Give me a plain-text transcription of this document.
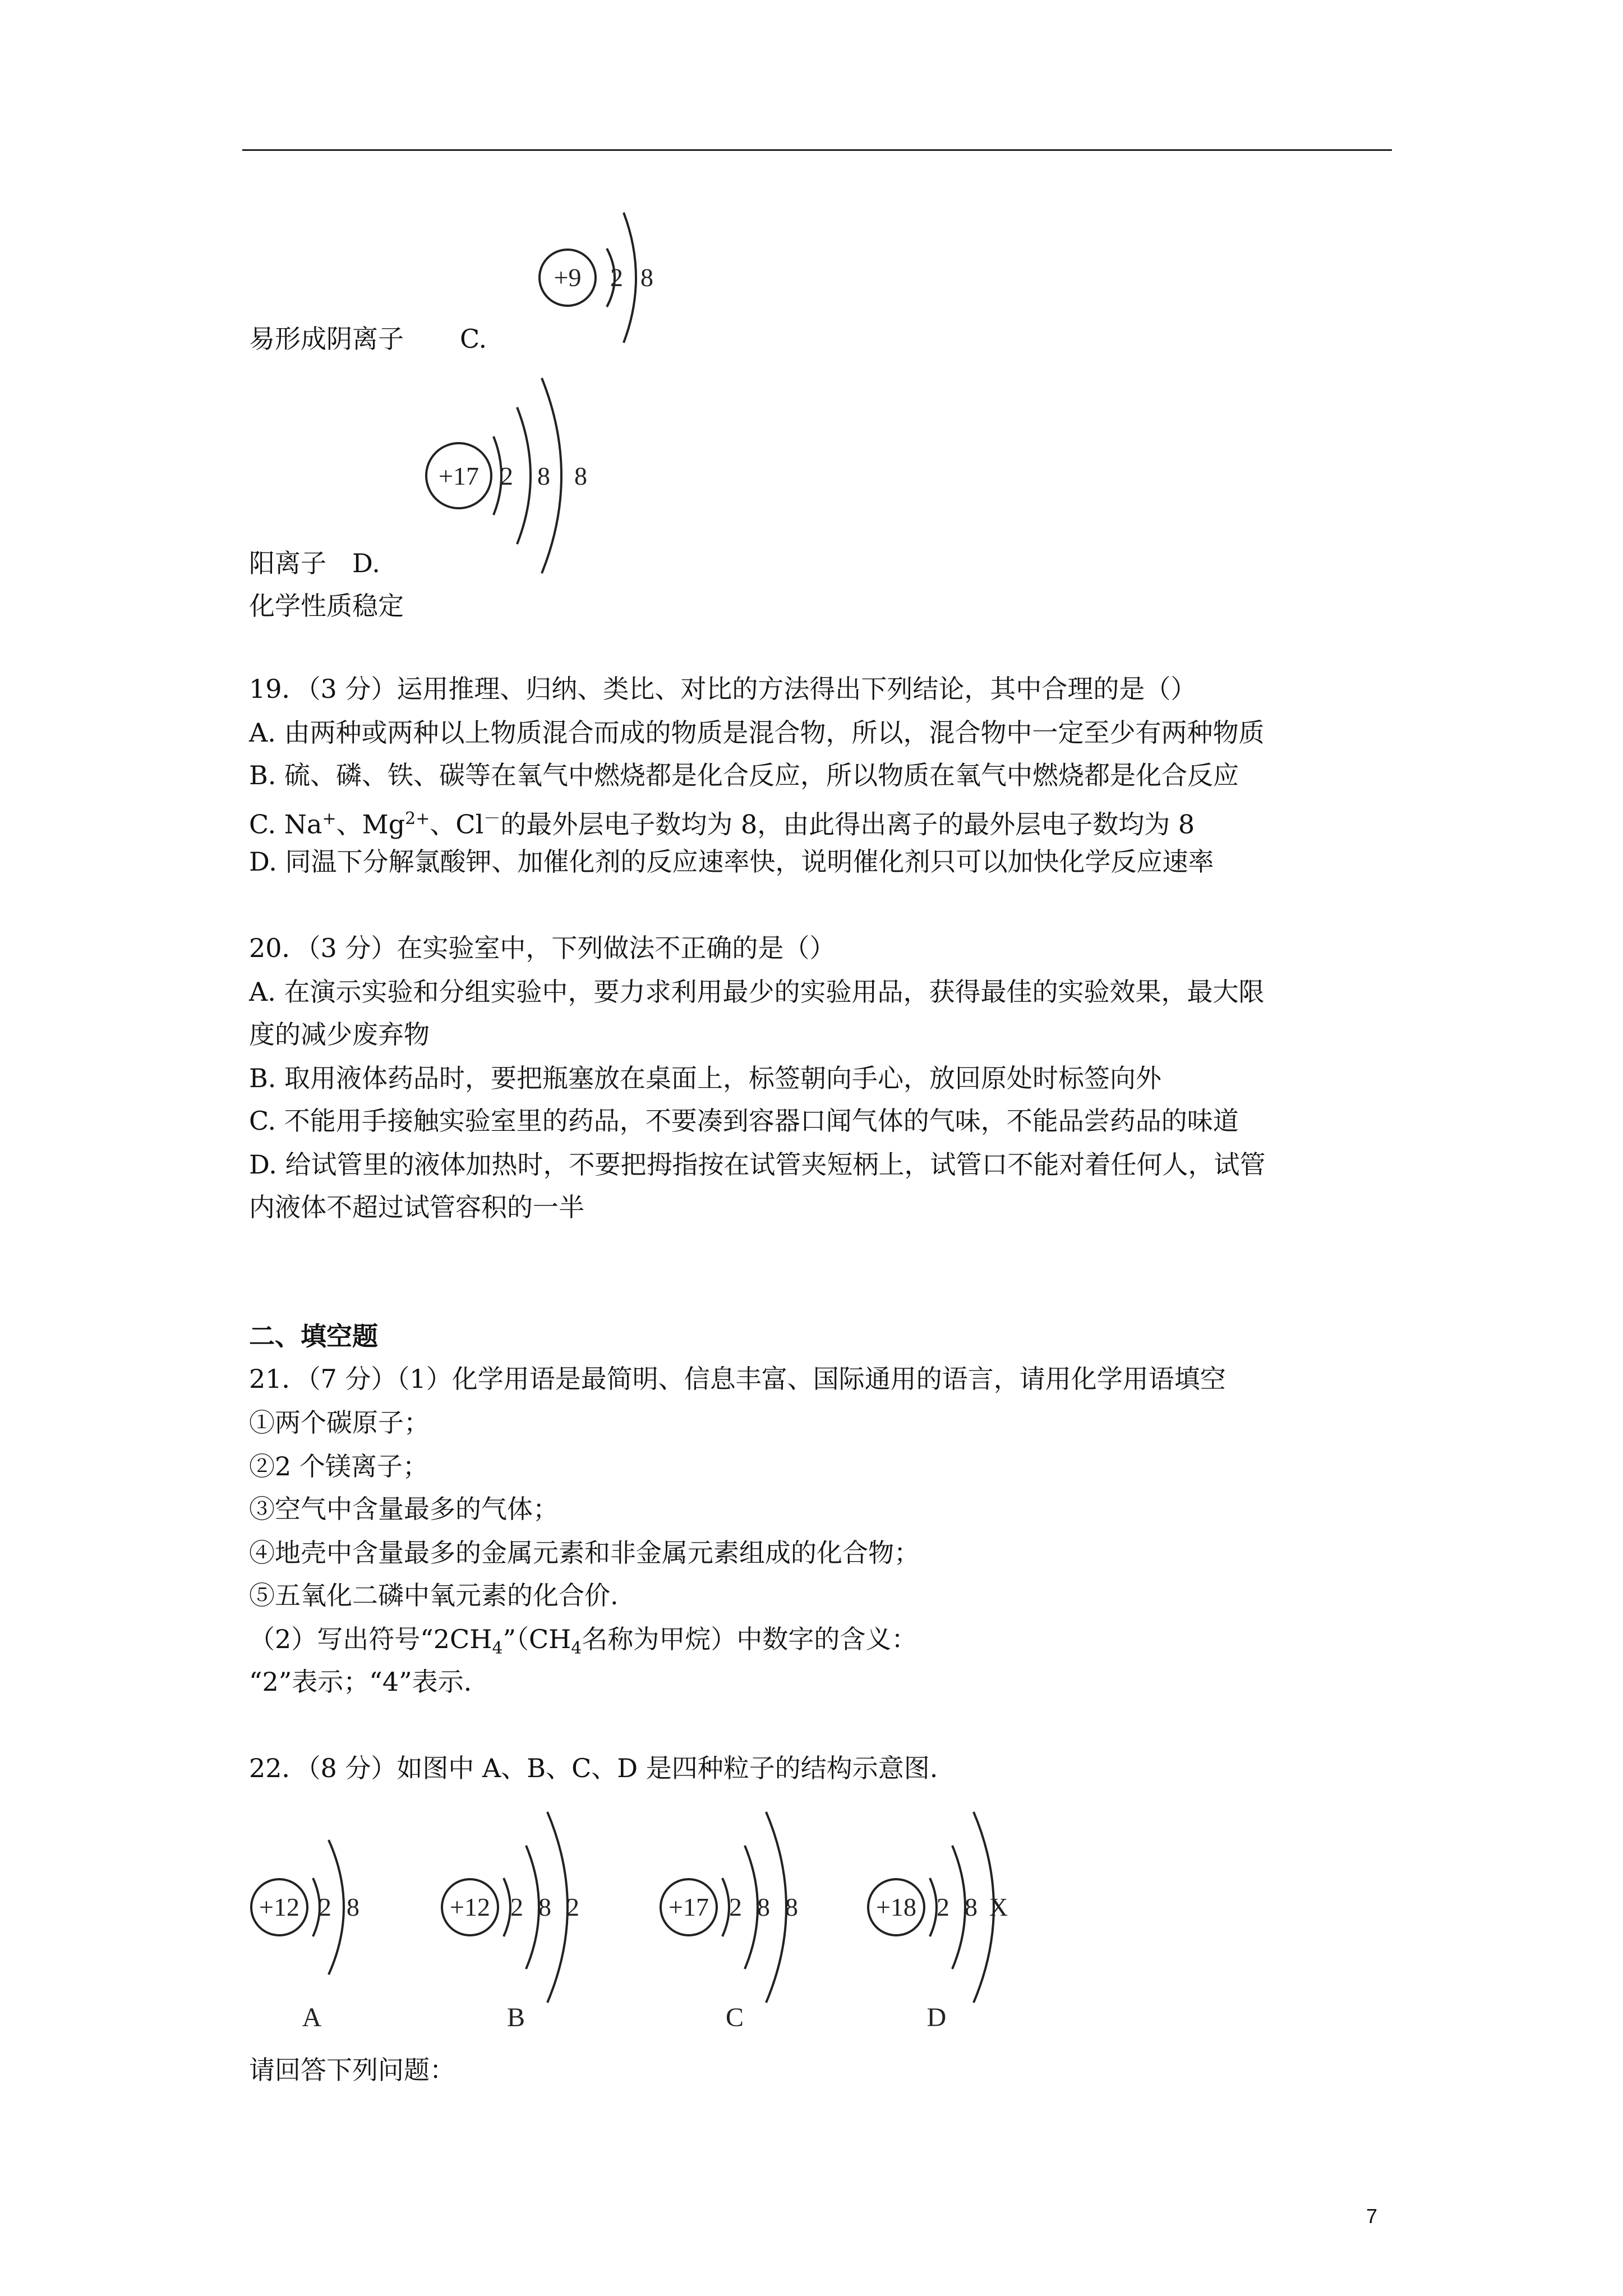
+9 2 8
易形成阴离子 C.
+17 2 8 8
阳离子 D.
化学性质稳定
19．（3 分）运用推理、归纳、类比、对比的方法得出下列结论，其中合理的是（）
A. 由两种或两种以上物质混合而成的物质是混合物，所以，混合物中一定至少有两种物质
B. 硫、磷、铁、碳等在氧气中燃烧都是化合反应，所以物质在氧气中燃烧都是化合反应
C. Na+、$Mg^{2+}$、Cl－的最外层电子数均为 8，由此得出离子的最外层电子数均为 8
D. 同温下分解氯酸钾、加催化剂的反应速率快，说明催化剂只可以加快化学反应速率
20．（3 分）在实验室中，下列做法不正确的是（）
A. 在演示实验和分组实验中，要力求利用最少的实验用品，获得最佳的实验效果，最大限
度的减少废弃物
B. 取用液体药品时，要把瓶塞放在桌面上，标签朝向手心，放回原处时标签向外
C. 不能用手接触实验室里的药品，不要凑到容器口闻气体的气味，不能品尝药品的味道
D. 给试管里的液体加热时，不要把拇指按在试管夹短柄上，试管口不能对着任何人，试管
内液体不超过试管容积的一半
二、填空题
21．（7 分）（1）化学用语是最简明、信息丰富、国际通用的语言，请用化学用语填空
①两个碳原子；
②2 个镁离子；
③空气中含量最多的气体；
④地壳中含量最多的金属元素和非金属元素组成的化合物；
⑤五氧化二磷中氧元素的化合价.
（2）写出符号“$2CH_4”(CH_4$名称为甲烷）中数字的含义：
“2”表示；“4”表示.
22．（8 分）如图中 A、B、C、D 是四种粒子的结构示意图.
+12 2 8
A
+12 2 8 2
B
+17 2 8 8
C
+18 2 8 X
D
请回答下列问题：
7
